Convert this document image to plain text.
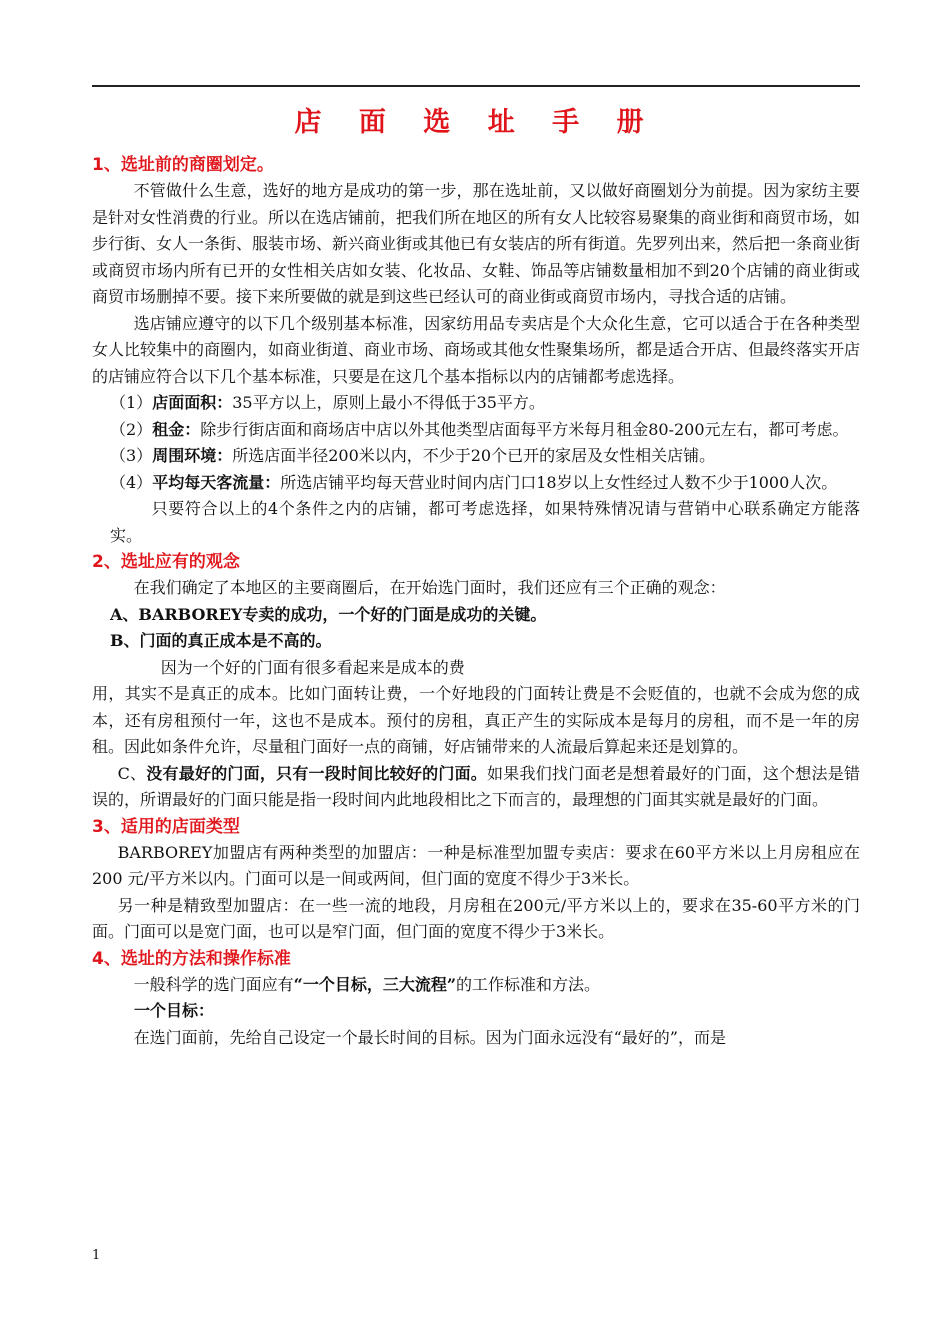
店 面 选 址 手 册
1、选址前的商圈划定。

不管做什么生意，选好的地方是成功的第一步，那在选址前，又以做好商圈划分为前提。因为家纺主要是针对女性消费的行业。所以在选店铺前，把我们所在地区的所有女人比较容易聚集的商业街和商贸市场，如步行街、女人一条街、服装市场、新兴商业街或其他已有女装店的所有街道。先罗列出来，然后把一条商业街或商贸市场内所有已开的女性相关店如女装、化妆品、女鞋、饰品等店铺数量相加不到20个店铺的商业街或商贸市场删掉不要。接下来所要做的就是到这些已经认可的商业街或商贸市场内，寻找合适的店铺。

选店铺应遵守的以下几个级别基本标准，因家纺用品专卖店是个大众化生意，它可以适合于在各种类型女人比较集中的商圈内，如商业街道、商业市场、商场或其他女性聚集场所，都是适合开店、但最终落实开店的店铺应符合以下几个基本标准，只要是在这几个基本指标以内的店铺都考虑选择。

（1）店面面积：35平方以上，原则上最小不得低于35平方。

（2）租金：除步行街店面和商场店中店以外其他类型店面每平方米每月租金80-200元左右，都可考虑。

（3）周围环境：所选店面半径200米以内，不少于20个已开的家居及女性相关店铺。

（4）平均每天客流量：所选店铺平均每天营业时间内店门口18岁以上女性经过人数不少于1000人次。

只要符合以上的4个条件之内的店铺，都可考虑选择，如果特殊情况请与营销中心联系确定方能落实。

2、选址应有的观念

在我们确定了本地区的主要商圈后，在开始选门面时，我们还应有三个正确的观念：

A、BARBOREY专卖的成功，一个好的门面是成功的关键。

B、门面的真正成本是不高的。

因为一个好的门面有很多看起来是成本的费

用，其实不是真正的成本。比如门面转让费，一个好地段的门面转让费是不会贬值的，也就不会成为您的成本，还有房租预付一年，这也不是成本。预付的房租，真正产生的实际成本是每月的房租，而不是一年的房租。因此如条件允许，尽量租门面好一点的商铺，好店铺带来的人流最后算起来还是划算的。

C、没有最好的门面，只有一段时间比较好的门面。如果我们找门面老是想着最好的门面，这个想法是错误的，所谓最好的门面只能是指一段时间内此地段相比之下而言的，最理想的门面其实就是最好的门面。

3、适用的店面类型

BARBOREY加盟店有两种类型的加盟店：一种是标准型加盟专卖店：要求在60平方米以上月房租应在200 元/平方米以内。门面可以是一间或两间，但门面的宽度不得少于3米长。

另一种是精致型加盟店：在一些一流的地段，月房租在200元/平方米以上的，要求在35-60平方米的门面。门面可以是宽门面，也可以是窄门面，但门面的宽度不得少于3米长。

4、选址的方法和操作标准

一般科学的选门面应有“一个目标，三大流程”的工作标准和方法。

一个目标：

在选门面前，先给自己设定一个最长时间的目标。因为门面永远没有“最好的”，而是

1
